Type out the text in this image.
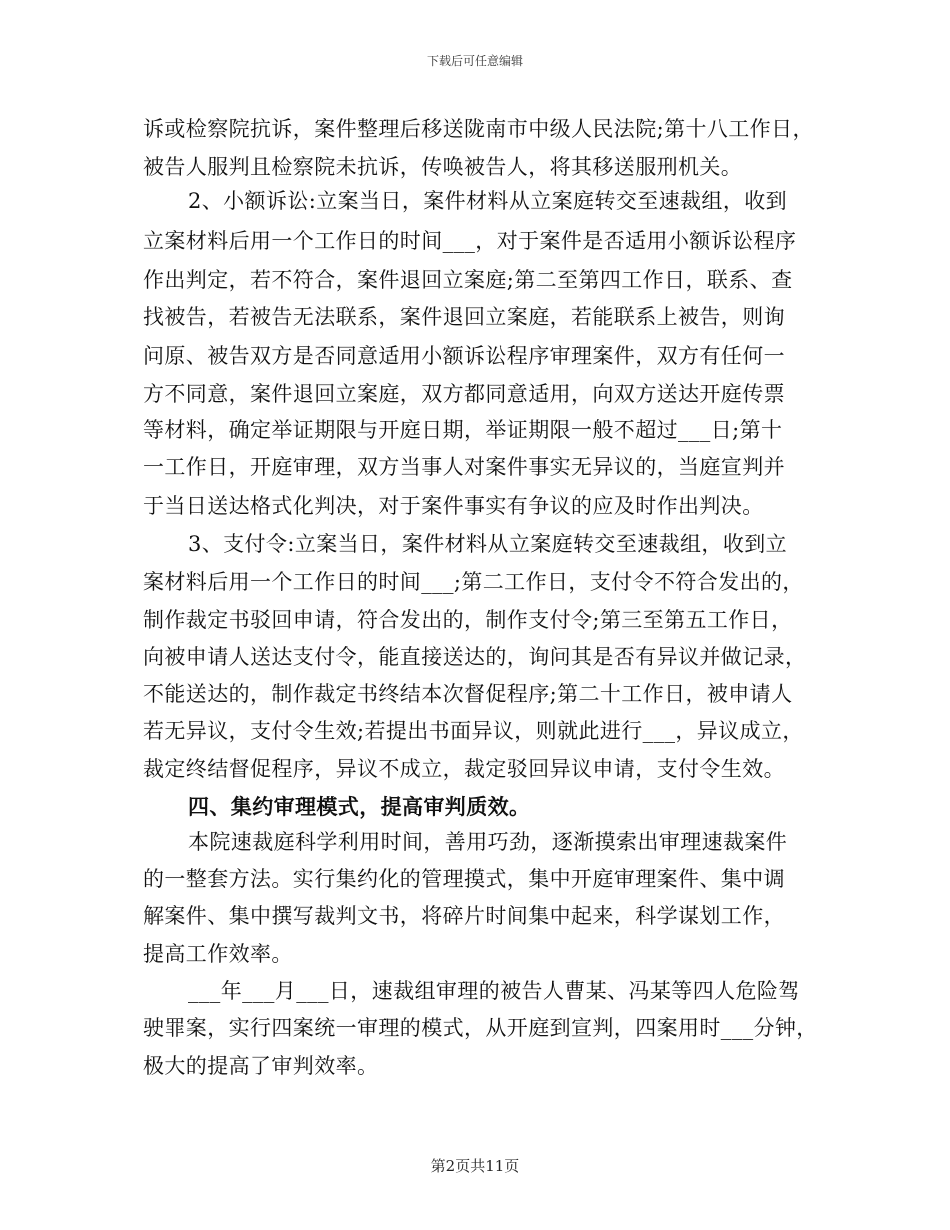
下载后可任意编辑
诉或检察院抗诉，案件整理后移送陇南市中级人民法院;第十八工作日，
被告人服判且检察院未抗诉，传唤被告人，将其移送服刑机关。
2、小额诉讼:立案当日，案件材料从立案庭转交至速裁组，收到
立案材料后用一个工作日的时间___，对于案件是否适用小额诉讼程序
作出判定，若不符合，案件退回立案庭;第二至第四工作日，联系、查
找被告，若被告无法联系，案件退回立案庭，若能联系上被告，则询
问原、被告双方是否同意适用小额诉讼程序审理案件，双方有任何一
方不同意，案件退回立案庭，双方都同意适用，向双方送达开庭传票
等材料，确定举证期限与开庭日期，举证期限一般不超过___日;第十
一工作日，开庭审理，双方当事人对案件事实无异议的，当庭宣判并
于当日送达格式化判决，对于案件事实有争议的应及时作出判决。
3、支付令:立案当日，案件材料从立案庭转交至速裁组，收到立
案材料后用一个工作日的时间___;第二工作日，支付令不符合发出的，
制作裁定书驳回申请，符合发出的，制作支付令;第三至第五工作日，
向被申请人送达支付令，能直接送达的，询问其是否有异议并做记录，
不能送达的，制作裁定书终结本次督促程序;第二十工作日，被申请人
若无异议，支付令生效;若提出书面异议，则就此进行___，异议成立，
裁定终结督促程序，异议不成立，裁定驳回异议申请，支付令生效。
四、集约审理模式，提高审判质效。
本院速裁庭科学利用时间，善用巧劲，逐渐摸索出审理速裁案件
的一整套方法。实行集约化的管理摸式，集中开庭审理案件、集中调
解案件、集中撰写裁判文书，将碎片时间集中起来，科学谋划工作，
提高工作效率。
___年___月___日，速裁组审理的被告人曹某、冯某等四人危险驾
驶罪案，实行四案统一审理的模式，从开庭到宣判，四案用时___分钟，
极大的提高了审判效率。
第2页共11页
